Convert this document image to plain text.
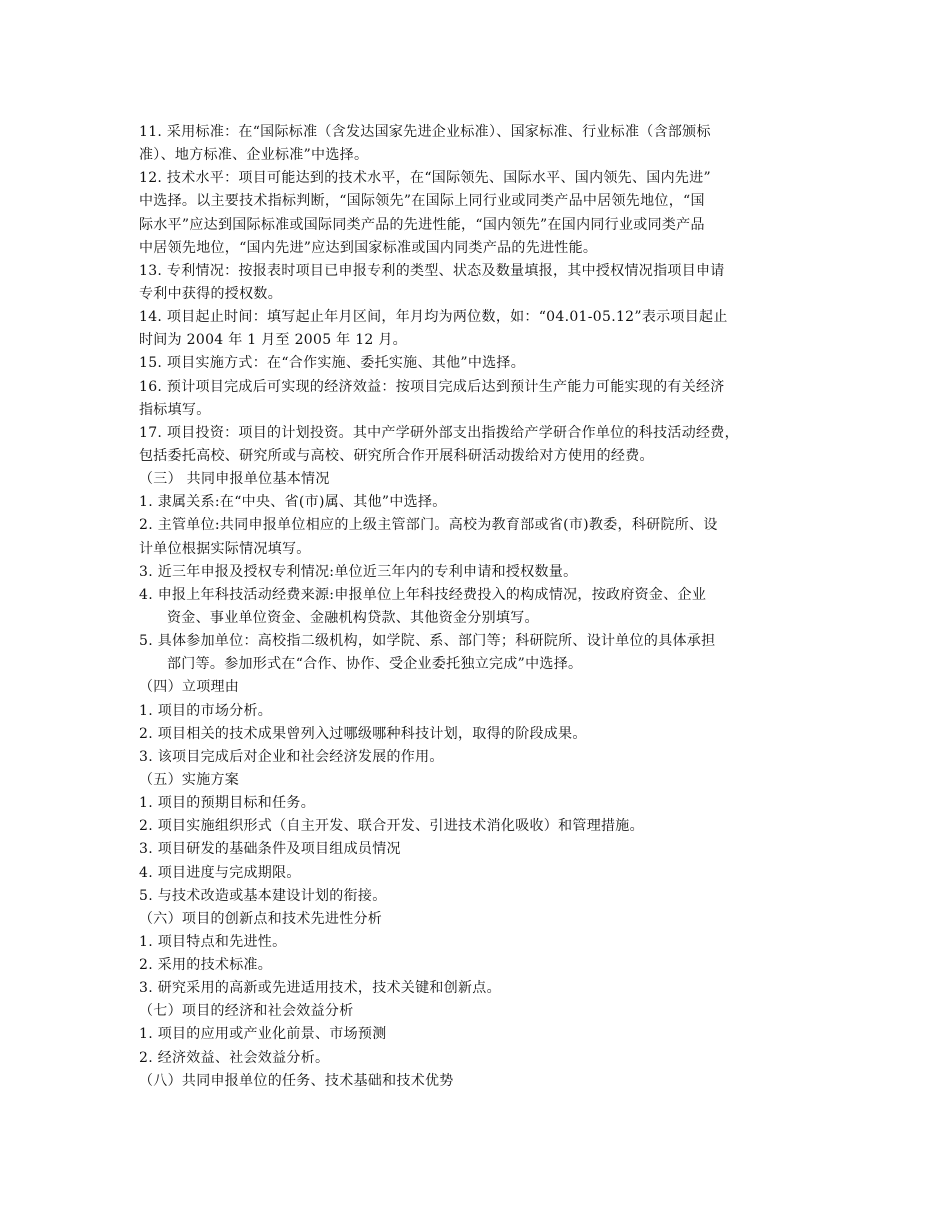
11. 采用标准：在“国际标准（含发达国家先进企业标准）、国家标准、行业标准（含部颁标
准）、地方标准、企业标准”中选择。
12. 技术水平：项目可能达到的技术水平，在“国际领先、国际水平、国内领先、国内先进”
中选择。以主要技术指标判断，“国际领先”在国际上同行业或同类产品中居领先地位，“国
际水平”应达到国际标准或国际同类产品的先进性能，“国内领先”在国内同行业或同类产品
中居领先地位，“国内先进”应达到国家标准或国内同类产品的先进性能。
13. 专利情况：按报表时项目已申报专利的类型、状态及数量填报，其中授权情况指项目申请
专利中获得的授权数。
14. 项目起止时间：填写起止年月区间，年月均为两位数，如：“04.01-05.12”表示项目起止
时间为 2004 年 1 月至 2005 年 12 月。
15. 项目实施方式：在“合作实施、委托实施、其他”中选择。
16. 预计项目完成后可实现的经济效益：按项目完成后达到预计生产能力可能实现的有关经济
指标填写。
17. 项目投资：项目的计划投资。其中产学研外部支出指拨给产学研合作单位的科技活动经费，
包括委托高校、研究所或与高校、研究所合作开展科研活动拨给对方使用的经费。
（三） 共同申报单位基本情况
1. 隶属关系:在“中央、省(市)属、其他”中选择。
2. 主管单位:共同申报单位相应的上级主管部门。高校为教育部或省(市)教委，科研院所、设
计单位根据实际情况填写。
3. 近三年申报及授权专利情况:单位近三年内的专利申请和授权数量。
4. 申报上年科技活动经费来源:申报单位上年科技经费投入的构成情况，按政府资金、企业
资金、事业单位资金、金融机构贷款、其他资金分别填写。
5. 具体参加单位：高校指二级机构，如学院、系、部门等；科研院所、设计单位的具体承担
部门等。参加形式在“合作、协作、受企业委托独立完成”中选择。
（四）立项理由
1. 项目的市场分析。
2. 项目相关的技术成果曾列入过哪级哪种科技计划，取得的阶段成果。
3. 该项目完成后对企业和社会经济发展的作用。
（五）实施方案
1. 项目的预期目标和任务。
2. 项目实施组织形式（自主开发、联合开发、引进技术消化吸收）和管理措施。
3. 项目研发的基础条件及项目组成员情况
4. 项目进度与完成期限。
5. 与技术改造或基本建设计划的衔接。
（六）项目的创新点和技术先进性分析
1. 项目特点和先进性。
2. 采用的技术标准。
3. 研究采用的高新或先进适用技术，技术关键和创新点。
（七）项目的经济和社会效益分析
1. 项目的应用或产业化前景、市场预测
2. 经济效益、社会效益分析。
（八）共同申报单位的任务、技术基础和技术优势
